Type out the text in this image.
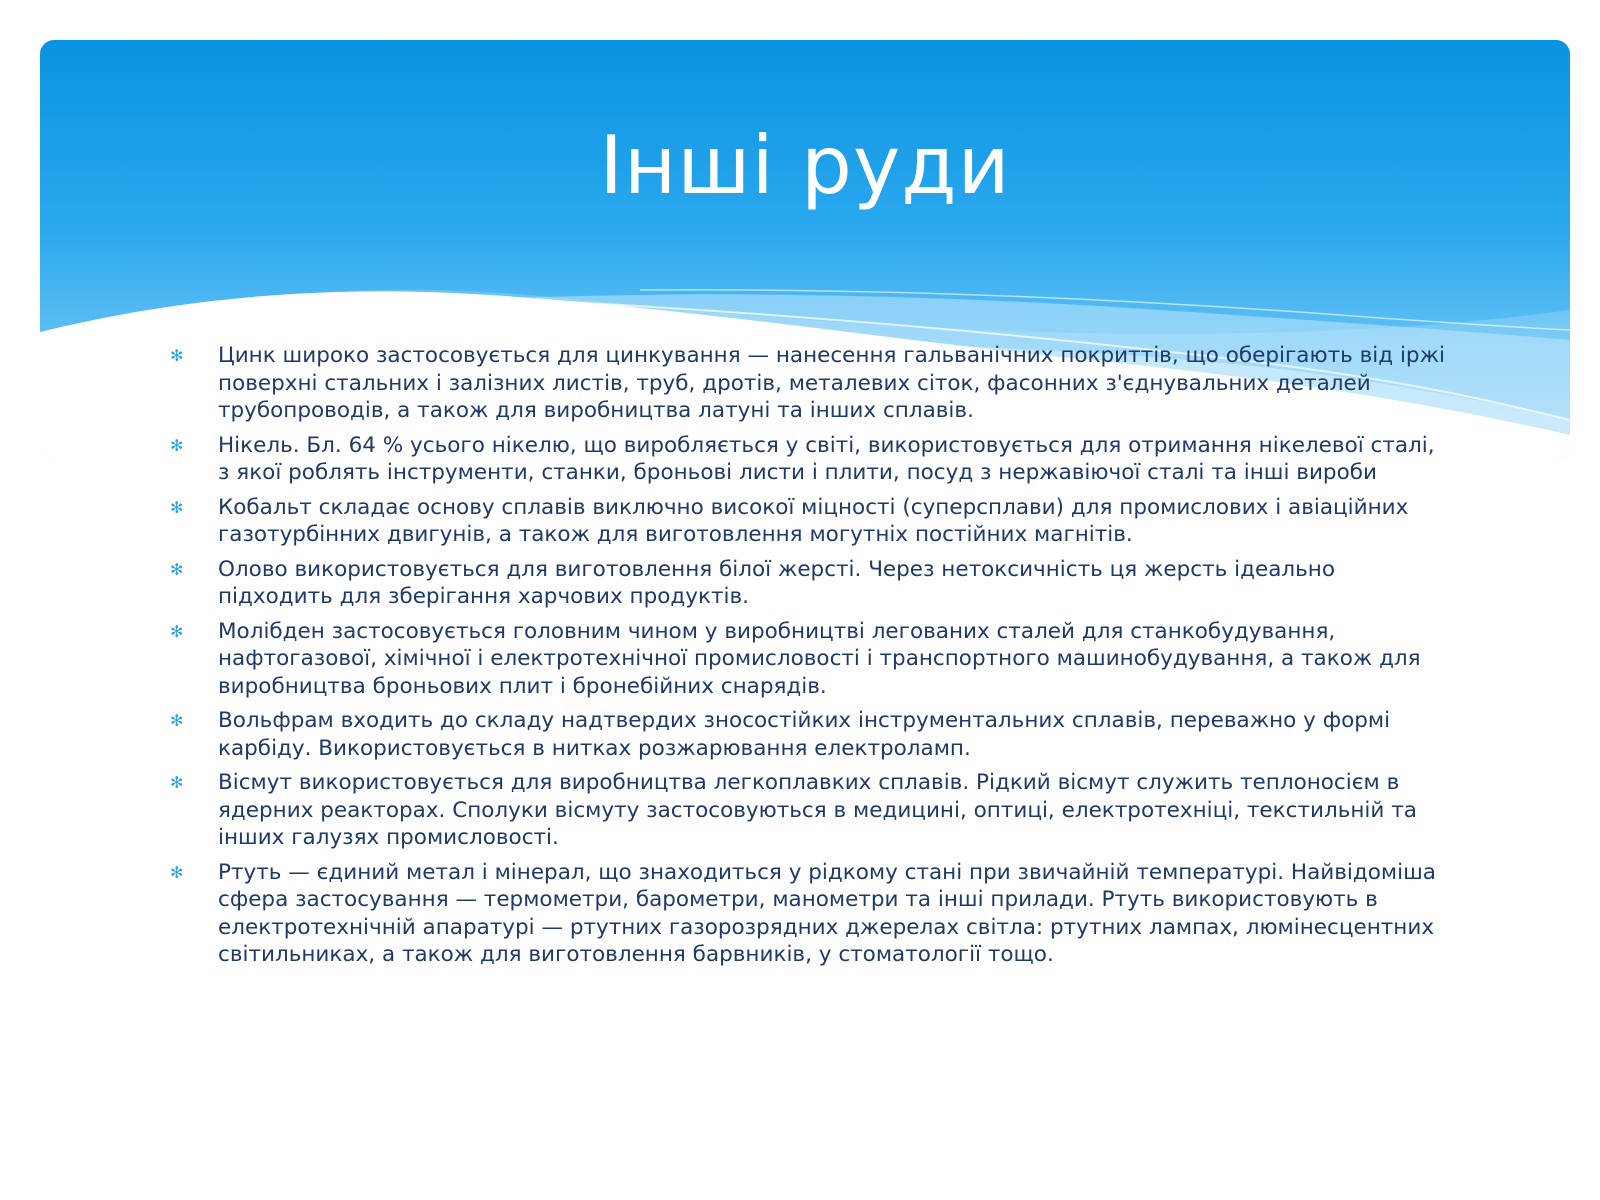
Інші руди
✻ Цинк широко застосовується для цинкування — нанесення гальванічних покриттів, що оберігають від іржі поверхні стальних і залізних листів, труб, дротів, металевих сіток, фасонних з'єднувальних деталей трубопроводів, а також для виробництва латуні та інших сплавів.
✻ Нікель. Бл. 64 % усього нікелю, що виробляється у світі, використовується для отримання нікелевої сталі, з якої роблять інструменти, станки, броньові листи і плити, посуд з нержавіючої сталі та інші вироби
✻ Кобальт складає основу сплавів виключно високої міцності (суперсплави) для промислових і авіаційних газотурбінних двигунів, а також для виготовлення могутніх постійних магнітів.
✻ Олово використовується для виготовлення білої жерсті. Через нетоксичність ця жерсть ідеально підходить для зберігання харчових продуктів.
✻ Молібден застосовується головним чином у виробництві легованих сталей для станкобудування, нафтогазової, хімічної і електротехнічної промисловості і транспортного машинобудування, а також для виробництва броньових плит і бронебійних снарядів.
✻ Вольфрам входить до складу надтвердих зносостійких інструментальних сплавів, переважно у формі карбіду. Використовується в нитках розжарювання електроламп.
✻ Вісмут використовується для виробництва легкоплавких сплавів. Рідкий вісмут служить теплоносієм в ядерних реакторах. Сполуки вісмуту застосовуються в медицині, оптиці, електротехніці, текстильній та інших галузях промисловості.
✻ Ртуть — єдиний метал і мінерал, що знаходиться у рідкому стані при звичайній температурі. Найвідоміша сфера застосування — термометри, барометри, манометри та інші прилади. Ртуть використовують в електротехнічній апаратурі — ртутних газорозрядних джерелах світла: ртутних лампах, люмінесцентних світильниках, а також для виготовлення барвників, у стоматології тощо.
